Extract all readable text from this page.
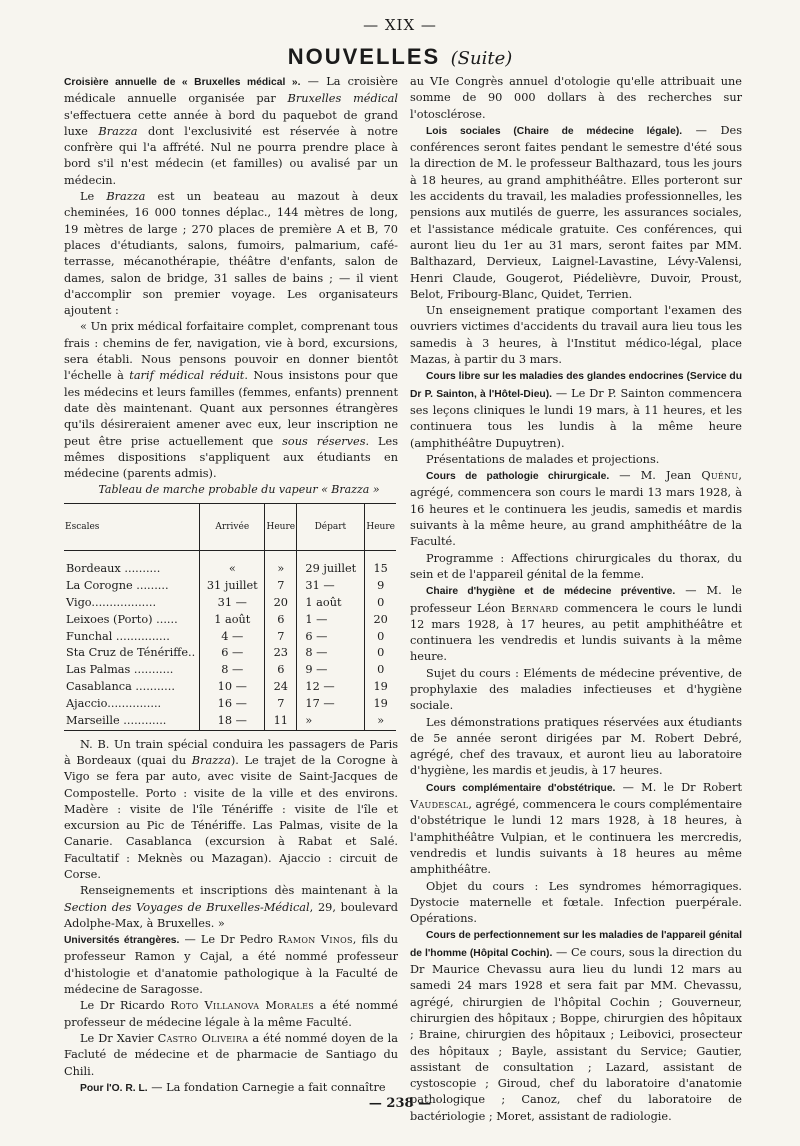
— XIX —
NOUVELLES (Suite)

Croisière annuelle de « Bruxelles médical ». — La croisière médicale annuelle organisée par Bruxelles médical s'effectuera cette année à bord du paquebot de grand luxe Brazza dont l'exclusivité est réservée à notre confrère qui l'a affrété. Nul ne pourra prendre place à bord s'il n'est médecin (et familles) ou avalisé par un médecin.

Le Brazza est un beateau au mazout à deux cheminées, 16 000 tonnes déplac., 144 mètres de long, 19 mètres de large ; 270 places de première A et B, 70 places d'étudiants, salons, fumoirs, palmarium, café-terrasse, mécanothérapie, théâtre d'enfants, salon de dames, salon de bridge, 31 salles de bains ; — il vient d'accomplir son premier voyage. Les organisateurs ajoutent :

« Un prix médical forfaitaire complet, comprenant tous frais : chemins de fer, navigation, vie à bord, excursions, sera établi. Nous pensons pouvoir en donner bientôt l'échelle à tarif médical réduit. Nous insistons pour que les médecins et leurs familles (femmes, enfants) prennent date dès maintenant. Quant aux personnes étrangères qu'ils désireraient amener avec eux, leur inscription ne peut être prise actuellement que sous réserves. Les mêmes dispositions s'appliquent aux étudiants en médecine (parents admis).

Tableau de marche probable du vapeur « Brazza »

Escales	Arrivée	Heure	Départ	Heure
Bordeaux ..........	«	»	29 juillet	15
La Corogne .........	31 juillet	7	31 —	9
Vigo..................	31 —	20	1 août	0
Leixoes (Porto) ......	1 août	6	1 —	20
Funchal ...............	4 —	7	6 —	0
Sta Cruz de Ténériffe..	6 —	23	8 —	0
Las Palmas ...........	8 —	6	9 —	0
Casablanca ...........	10 —	24	12 —	19
Ajaccio...............	16 —	7	17 —	19
Marseille ............	18 —	11	»	»

N. B. Un train spécial conduira les passagers de Paris à Bordeaux (quai du Brazza). Le trajet de la Corogne à Vigo se fera par auto, avec visite de Saint-Jacques de Compostelle. Porto : visite de la ville et des environs. Madère : visite de l'île Ténériffe : visite de l'île et excursion au Pic de Ténériffe. Las Palmas, visite de la Canarie. Casablanca (excursion à Rabat et Salé. Facultatif : Meknès ou Mazagan). Ajaccio : circuit de Corse.

Renseignements et inscriptions dès maintenant à la Section des Voyages de Bruxelles-Médical, 29, boulevard Adolphe-Max, à Bruxelles. »

Universités étrangères. — Le Dr Pedro Ramon Vinos, fils du professeur Ramon y Cajal, a été nommé professeur d'histologie et d'anatomie pathologique à la Faculté de médecine de Saragosse.

Le Dr Ricardo Roto Villanova Morales a été nommé professeur de médecine légale à la même Faculté.

Le Dr Xavier Castro Oliveira a été nommé doyen de la Facluté de médecine et de pharmacie de Santiago du Chili.

Pour l'O. R. L. — La fondation Carnegie a fait connaître

au VIe Congrès annuel d'otologie qu'elle attribuait une somme de 90 000 dollars à des recherches sur l'otosclérose.

Lois sociales (Chaire de médecine légale). — Des conférences seront faites pendant le semestre d'été sous la direction de M. le professeur Balthazard, tous les jours à 18 heures, au grand amphithéâtre. Elles porteront sur les accidents du travail, les maladies professionnelles, les pensions aux mutilés de guerre, les assurances sociales, et l'assistance médicale gratuite. Ces conférences, qui auront lieu du 1er au 31 mars, seront faites par MM. Balthazard, Dervieux, Laignel-Lavastine, Lévy-Valensi, Henri Claude, Gougerot, Piédelièvre, Duvoir, Proust, Belot, Fribourg-Blanc, Quidet, Terrien.

Un enseignement pratique comportant l'examen des ouvriers victimes d'accidents du travail aura lieu tous les samedis à 3 heures, à l'Institut médico-légal, place Mazas, à partir du 3 mars.

Cours libre sur les maladies des glandes endocrines (Service du Dr P. Sainton, à l'Hôtel-Dieu). — Le Dr P. Sainton commencera ses leçons cliniques le lundi 19 mars, à 11 heures, et les continuera tous les lundis à la même heure (amphithéâtre Dupuytren).

Présentations de malades et projections.

Cours de pathologie chirurgicale. — M. Jean Quénu, agrégé, commencera son cours le mardi 13 mars 1928, à 16 heures et le continuera les jeudis, samedis et mardis suivants à la même heure, au grand amphithéâtre de la Faculté.

Programme : Affections chirurgicales du thorax, du sein et de l'appareil génital de la femme.

Chaire d'hygiène et de médecine préventive. — M. le professeur Léon Bernard commencera le cours le lundi 12 mars 1928, à 17 heures, au petit amphithéâtre et continuera les vendredis et lundis suivants à la même heure.

Sujet du cours : Eléments de médecine préventive, de prophylaxie des maladies infectieuses et d'hygiène sociale.

Les démonstrations pratiques réservées aux étudiants de 5e année seront dirigées par M. Robert Debré, agrégé, chef des travaux, et auront lieu au laboratoire d'hygiène, les mardis et jeudis, à 17 heures.

Cours complémentaire d'obstétrique. — M. le Dr Robert Vaudescal, agrégé, commencera le cours complémentaire d'obstétrique le lundi 12 mars 1928, à 18 heures, à l'amphithéâtre Vulpian, et le continuera les mercredis, vendredis et lundis suivants à 18 heures au même amphithéâtre.

Objet du cours : Les syndromes hémorragiques. Dystocie maternelle et fœtale. Infection puerpérale. Opérations.

Cours de perfectionnement sur les maladies de l'appareil génital de l'homme (Hôpital Cochin). — Ce cours, sous la direction du Dr Maurice Chevassu aura lieu du lundi 12 mars au samedi 24 mars 1928 et sera fait par MM. Chevassu, agrégé, chirurgien de l'hôpital Cochin ; Gouverneur, chirurgien des hôpitaux ; Boppe, chirurgien des hôpitaux ; Braine, chirurgien des hôpitaux ; Leibovici, prosecteur des hôpitaux ; Bayle, assistant du Service; Gautier, assistant de consultation ; Lazard, assistant de cystoscopie ; Giroud, chef du laboratoire d'anatomie pathologique ; Canoz, chef du laboratoire de bactériologie ; Moret, assistant de radiologie.

— 238 —
